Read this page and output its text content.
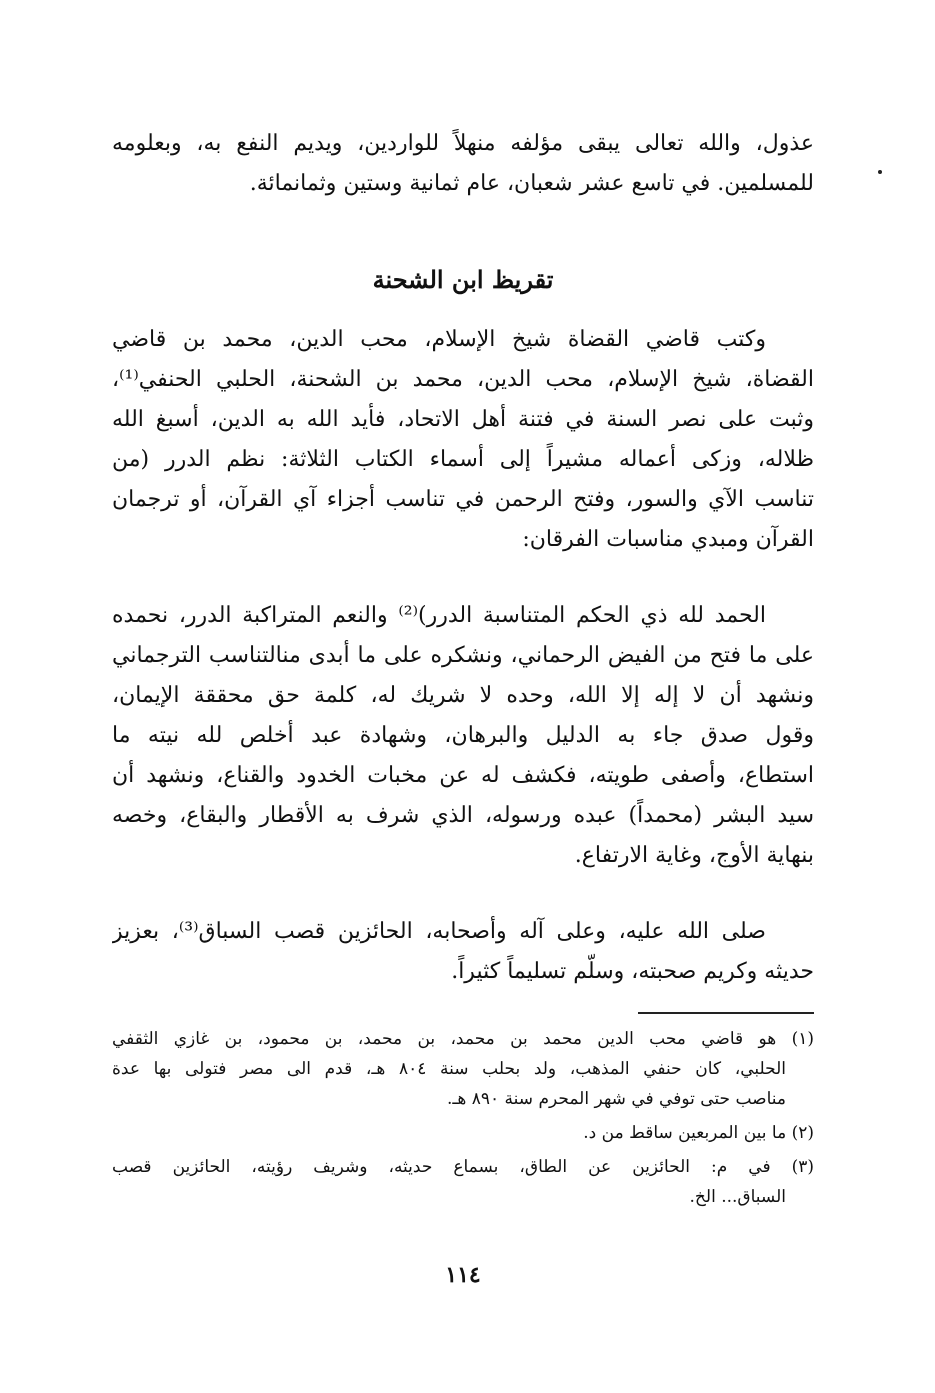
عذول، والله تعالى يبقى مؤلفه منهلاً للواردين، ويديم النفع به، وبعلومه
للمسلمين. في تاسع عشر شعبان، عام ثمانية وستين وثمانمائة.
تقريظ ابن الشحنة
وكتب قاضي القضاة شيخ الإسلام، محب الدين، محمد بن قاضي
القضاة، شيخ الإسلام، محب الدين، محمد بن الشحنة، الحلبي الحنفي⁽¹⁾،
وثبت على نصر السنة في فتنة أهل الاتحاد، فأيد الله به الدين، أسبغ الله
ظلاله، وزكى أعماله مشيراً إلى أسماء الكتاب الثلاثة: نظم الدرر (من
تناسب الآي والسور، وفتح الرحمن في تناسب أجزاء آي القرآن، أو ترجمان
القرآن ومبدي مناسبات الفرقان:
الحمد لله ذي الحكم المتناسبة الدرر)⁽²⁾ والنعم المتراكبة الدرر، نحمده
على ما فتح من الفيض الرحماني، ونشكره على ما أبدى منالتناسب الترجماني
ونشهد أن لا إله إلا الله، وحده لا شريك له، كلمة حق محققة الإيمان،
وقول صدق جاء به الدليل والبرهان، وشهادة عبد أخلص لله نيته ما
استطاع، وأصفى طويته، فكشف له عن مخبات الخدود والقناع، ونشهد أن
سيد البشر (محمداً) عبده ورسوله، الذي شرف به الأقطار والبقاع، وخصه
بنهاية الأوج، وغاية الارتفاع.
صلى الله عليه، وعلى آله وأصحابه، الحائزين قصب السباق⁽³⁾، بعزيز
حديثه وكريم صحبته، وسلّم تسليماً كثيراً.
(١) هو قاضي محب الدين محمد بن محمد، بن محمد، بن محمود، بن غازي الثقفي
الحلبي، كان حنفي المذهب، ولد بحلب سنة ٨٠٤ هـ، قدم الى مصر فتولى بها عدة
مناصب حتى توفي في شهر المحرم سنة ٨٩٠ هـ.
(٢) ما بين المربعين ساقط من د.
(٣) في م: الحائزين عن الطاق، بسماع حديثه، وشريف رؤيته، الحائزين قصب
السباق... الخ.
١١٤
